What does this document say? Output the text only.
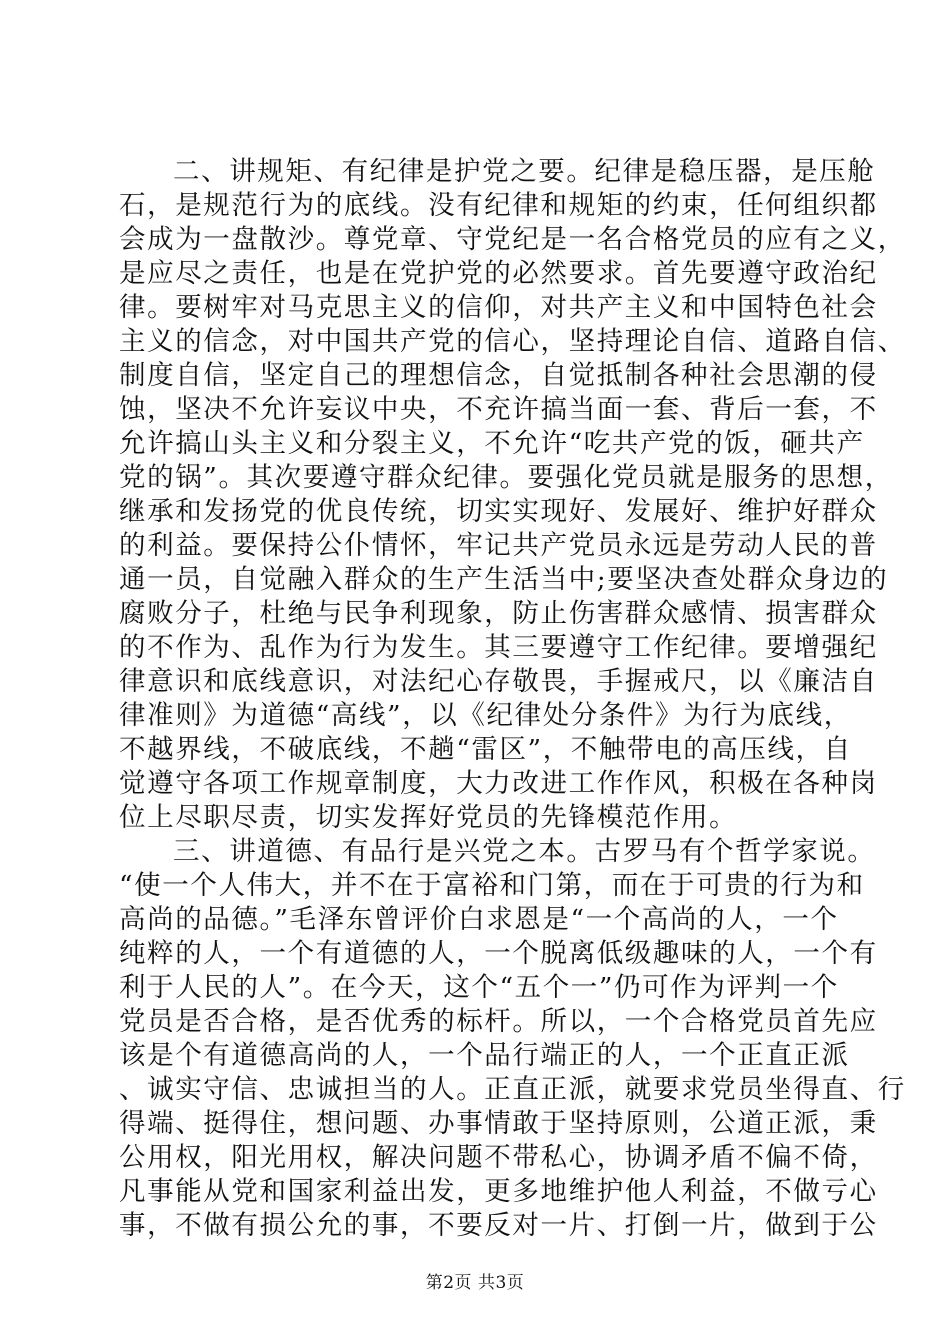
二、讲规矩、有纪律是护党之要。纪律是稳压器，是压舱
石，是规范行为的底线。没有纪律和规矩的约束，任何组织都
会成为一盘散沙。尊党章、守党纪是一名合格党员的应有之义，
是应尽之责任，也是在党护党的必然要求。首先要遵守政治纪
律。要树牢对马克思主义的信仰，对共产主义和中国特色社会
主义的信念，对中国共产党的信心，坚持理论自信、道路自信、
制度自信，坚定自己的理想信念，自觉抵制各种社会思潮的侵
蚀，坚决不允许妄议中央，不充许搞当面一套、背后一套，不
允许搞山头主义和分裂主义，不允许“吃共产党的饭，砸共产
党的锅”。其次要遵守群众纪律。要强化党员就是服务的思想，
继承和发扬党的优良传统，切实实现好、发展好、维护好群众
的利益。要保持公仆情怀，牢记共产党员永远是劳动人民的普
通一员，自觉融入群众的生产生活当中;要坚决查处群众身边的
腐败分子，杜绝与民争利现象，防止伤害群众感情、损害群众
的不作为、乱作为行为发生。其三要遵守工作纪律。要增强纪
律意识和底线意识，对法纪心存敬畏，手握戒尺，以《廉洁自
律准则》为道德“高线”，以《纪律处分条件》为行为底线，
不越界线，不破底线，不趟“雷区”，不触带电的高压线，自
觉遵守各项工作规章制度，大力改进工作作风，积极在各种岗
位上尽职尽责，切实发挥好党员的先锋模范作用。
三、讲道德、有品行是兴党之本。古罗马有个哲学家说。
“使一个人伟大，并不在于富裕和门第，而在于可贵的行为和
高尚的品德。”毛泽东曾评价白求恩是“一个高尚的人，一个
纯粹的人，一个有道德的人，一个脱离低级趣味的人，一个有
利于人民的人”。在今天，这个“五个一”仍可作为评判一个
党员是否合格，是否优秀的标杆。所以，一个合格党员首先应
该是个有道德高尚的人，一个品行端正的人，一个正直正派
、诚实守信、忠诚担当的人。正直正派，就要求党员坐得直、行
得端、挺得住，想问题、办事情敢于坚持原则，公道正派，秉
公用权，阳光用权，解决问题不带私心，协调矛盾不偏不倚，
凡事能从党和国家利益出发，更多地维护他人利益，不做亏心
事，不做有损公允的事，不要反对一片、打倒一片，做到于公
第2页 共3页
